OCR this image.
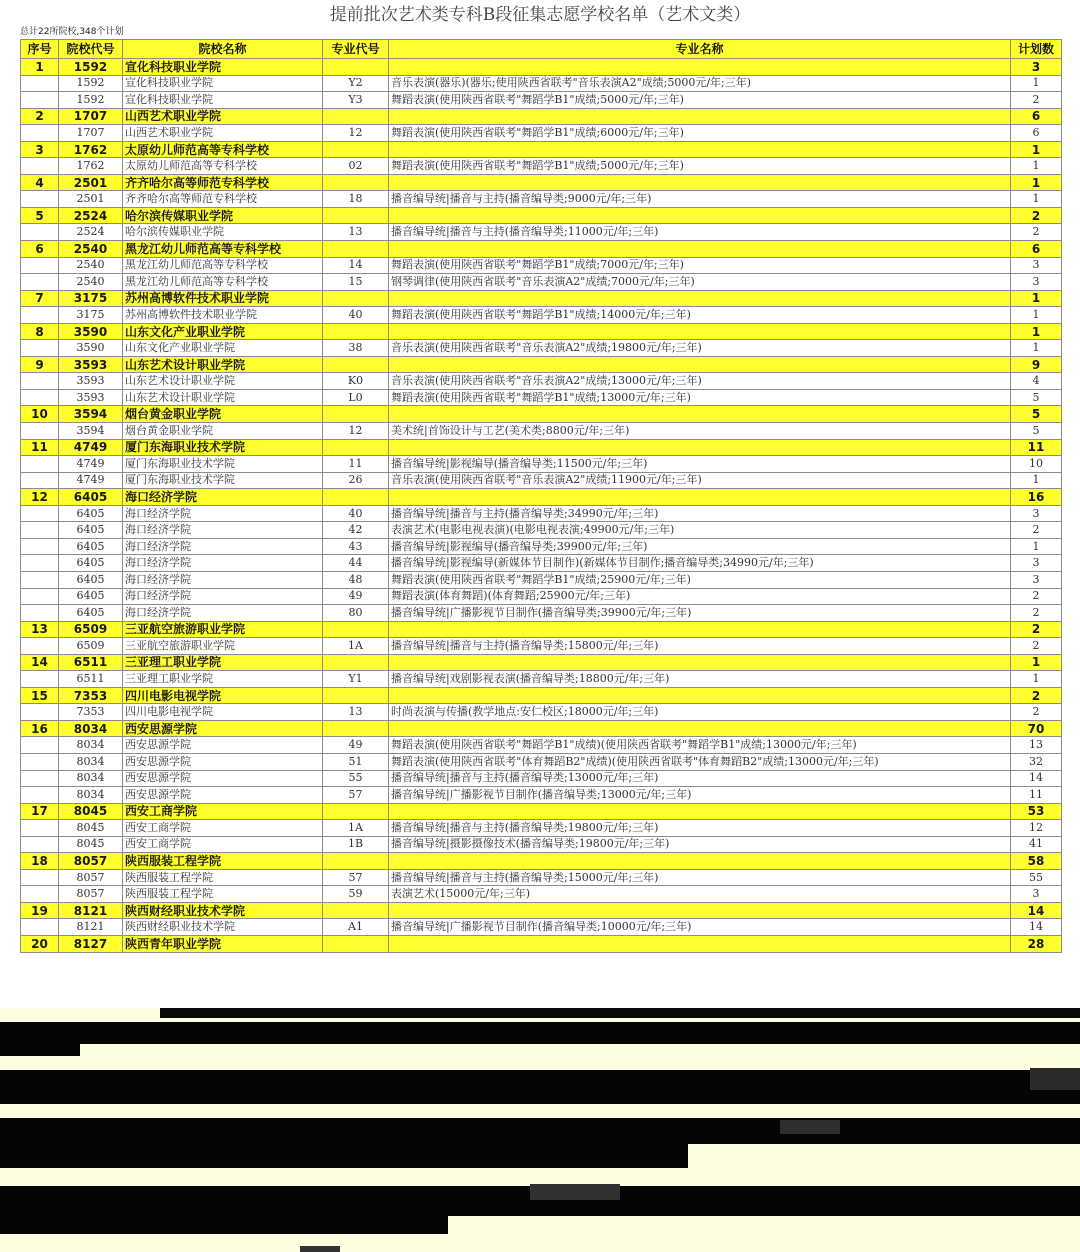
提前批次艺术类专科B段征集志愿学校名单（艺术文类）
总计22所院校,348个计划
序号	院校代号	院校名称	专业代号	专业名称	计划数
1	1592	宣化科技职业学院			3
	1592	宣化科技职业学院	Y2	音乐表演(器乐)(器乐;使用陕西省联考"音乐表演A2"成绩;5000元/年;三年)	1
	1592	宣化科技职业学院	Y3	舞蹈表演(使用陕西省联考"舞蹈学B1"成绩;5000元/年;三年)	2
2	1707	山西艺术职业学院			6
	1707	山西艺术职业学院	12	舞蹈表演(使用陕西省联考"舞蹈学B1"成绩;6000元/年;三年)	6
3	1762	太原幼儿师范高等专科学校			1
	1762	太原幼儿师范高等专科学校	02	舞蹈表演(使用陕西省联考"舞蹈学B1"成绩;5000元/年;三年)	1
4	2501	齐齐哈尔高等师范专科学校			1
	2501	齐齐哈尔高等师范专科学校	18	播音编导统|播音与主持(播音编导类;9000元/年;三年)	1
5	2524	哈尔滨传媒职业学院			2
	2524	哈尔滨传媒职业学院	13	播音编导统|播音与主持(播音编导类;11000元/年;三年)	2
6	2540	黑龙江幼儿师范高等专科学校			6
	2540	黑龙江幼儿师范高等专科学校	14	舞蹈表演(使用陕西省联考"舞蹈学B1"成绩;7000元/年;三年)	3
	2540	黑龙江幼儿师范高等专科学校	15	钢琴调律(使用陕西省联考"音乐表演A2"成绩;7000元/年;三年)	3
7	3175	苏州高博软件技术职业学院			1
	3175	苏州高博软件技术职业学院	40	舞蹈表演(使用陕西省联考"舞蹈学B1"成绩;14000元/年;三年)	1
8	3590	山东文化产业职业学院			1
	3590	山东文化产业职业学院	38	音乐表演(使用陕西省联考"音乐表演A2"成绩;19800元/年;三年)	1
9	3593	山东艺术设计职业学院			9
	3593	山东艺术设计职业学院	K0	音乐表演(使用陕西省联考"音乐表演A2"成绩;13000元/年;三年)	4
	3593	山东艺术设计职业学院	L0	舞蹈表演(使用陕西省联考"舞蹈学B1"成绩;13000元/年;三年)	5
10	3594	烟台黄金职业学院			5
	3594	烟台黄金职业学院	12	美术统|首饰设计与工艺(美术类;8800元/年;三年)	5
11	4749	厦门东海职业技术学院			11
	4749	厦门东海职业技术学院	11	播音编导统|影视编导(播音编导类;11500元/年;三年)	10
	4749	厦门东海职业技术学院	26	音乐表演(使用陕西省联考"音乐表演A2"成绩;11900元/年;三年)	1
12	6405	海口经济学院			16
	6405	海口经济学院	40	播音编导统|播音与主持(播音编导类;34990元/年;三年)	3
	6405	海口经济学院	42	表演艺术(电影电视表演)(电影电视表演;49900元/年;三年)	2
	6405	海口经济学院	43	播音编导统|影视编导(播音编导类;39900元/年;三年)	1
	6405	海口经济学院	44	播音编导统|影视编导(新媒体节目制作)(新媒体节目制作;播音编导类;34990元/年;三年)	3
	6405	海口经济学院	48	舞蹈表演(使用陕西省联考"舞蹈学B1"成绩;25900元/年;三年)	3
	6405	海口经济学院	49	舞蹈表演(体育舞蹈)(体育舞蹈;25900元/年;三年)	2
	6405	海口经济学院	80	播音编导统|广播影视节目制作(播音编导类;39900元/年;三年)	2
13	6509	三亚航空旅游职业学院			2
	6509	三亚航空旅游职业学院	1A	播音编导统|播音与主持(播音编导类;15800元/年;三年)	2
14	6511	三亚理工职业学院			1
	6511	三亚理工职业学院	Y1	播音编导统|戏剧影视表演(播音编导类;18800元/年;三年)	1
15	7353	四川电影电视学院			2
	7353	四川电影电视学院	13	时尚表演与传播(教学地点:安仁校区;18000元/年;三年)	2
16	8034	西安思源学院			70
	8034	西安思源学院	49	舞蹈表演(使用陕西省联考"舞蹈学B1"成绩)(使用陕西省联考"舞蹈学B1"成绩;13000元/年;三年)	13
	8034	西安思源学院	51	舞蹈表演(使用陕西省联考"体育舞蹈B2"成绩)(使用陕西省联考"体育舞蹈B2"成绩;13000元/年;三年)	32
	8034	西安思源学院	55	播音编导统|播音与主持(播音编导类;13000元/年;三年)	14
	8034	西安思源学院	57	播音编导统|广播影视节目制作(播音编导类;13000元/年;三年)	11
17	8045	西安工商学院			53
	8045	西安工商学院	1A	播音编导统|播音与主持(播音编导类;19800元/年;三年)	12
	8045	西安工商学院	1B	播音编导统|摄影摄像技术(播音编导类;19800元/年;三年)	41
18	8057	陕西服装工程学院			58
	8057	陕西服装工程学院	57	播音编导统|播音与主持(播音编导类;15000元/年;三年)	55
	8057	陕西服装工程学院	59	表演艺术(15000元/年;三年)	3
19	8121	陕西财经职业技术学院			14
	8121	陕西财经职业技术学院	A1	播音编导统|广播影视节目制作(播音编导类;10000元/年;三年)	14
20	8127	陕西青年职业学院			28
